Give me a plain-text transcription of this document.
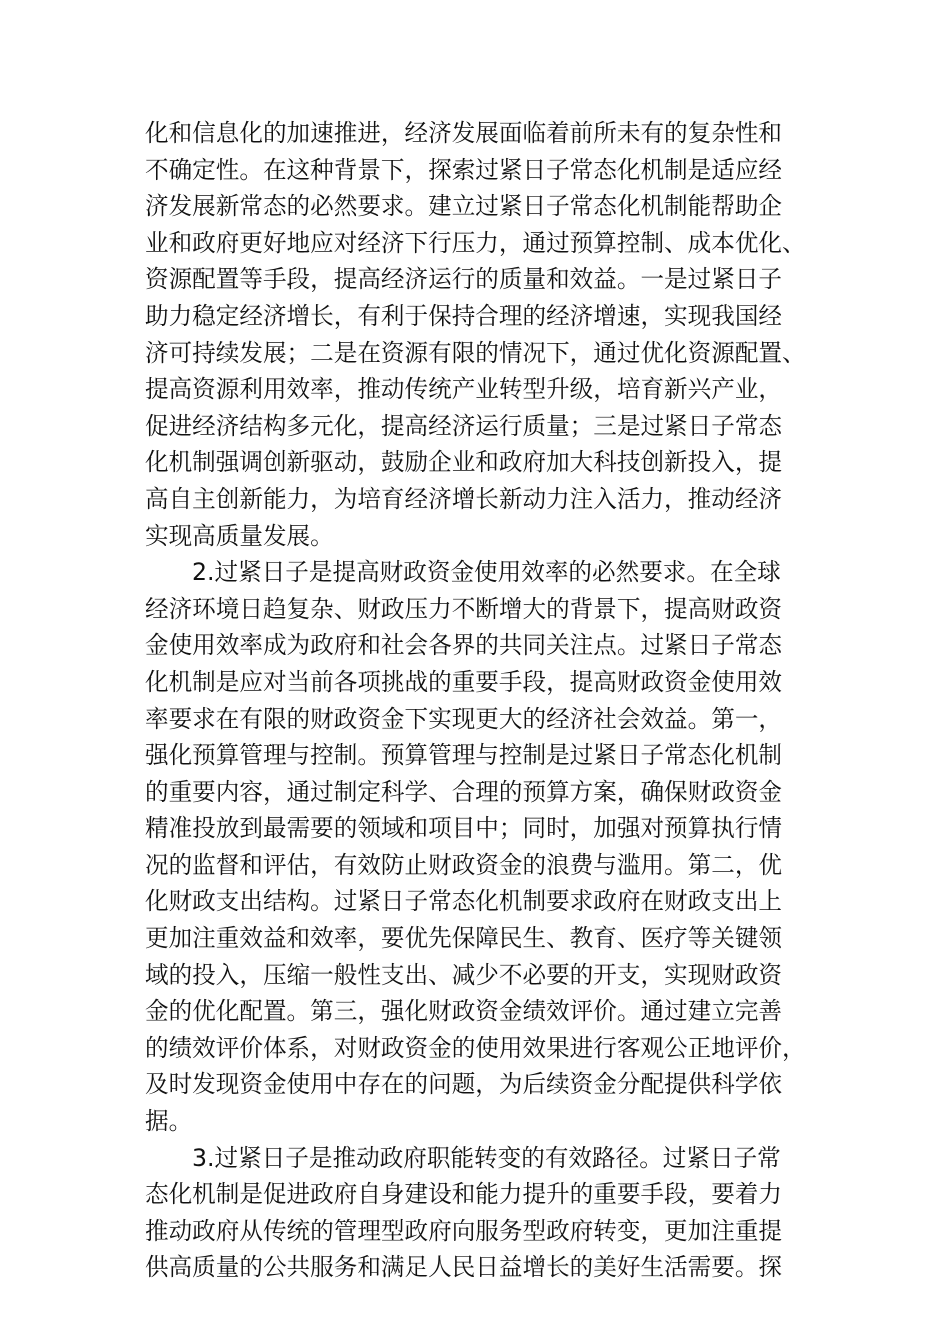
化和信息化的加速推进，经济发展面临着前所未有的复杂性和
不确定性。在这种背景下，探索过紧日子常态化机制是适应经
济发展新常态的必然要求。建立过紧日子常态化机制能帮助企
业和政府更好地应对经济下行压力，通过预算控制、成本优化、
资源配置等手段，提高经济运行的质量和效益。一是过紧日子
助力稳定经济增长，有利于保持合理的经济增速，实现我国经
济可持续发展；二是在资源有限的情况下，通过优化资源配置、
提高资源利用效率，推动传统产业转型升级，培育新兴产业，
促进经济结构多元化，提高经济运行质量；三是过紧日子常态
化机制强调创新驱动，鼓励企业和政府加大科技创新投入，提
高自主创新能力，为培育经济增长新动力注入活力，推动经济
实现高质量发展。
2.过紧日子是提高财政资金使用效率的必然要求。在全球
经济环境日趋复杂、财政压力不断增大的背景下，提高财政资
金使用效率成为政府和社会各界的共同关注点。过紧日子常态
化机制是应对当前各项挑战的重要手段，提高财政资金使用效
率要求在有限的财政资金下实现更大的经济社会效益。第一，
强化预算管理与控制。预算管理与控制是过紧日子常态化机制
的重要内容，通过制定科学、合理的预算方案，确保财政资金
精准投放到最需要的领域和项目中；同时，加强对预算执行情
况的监督和评估，有效防止财政资金的浪费与滥用。第二，优
化财政支出结构。过紧日子常态化机制要求政府在财政支出上
更加注重效益和效率，要优先保障民生、教育、医疗等关键领
域的投入，压缩一般性支出、减少不必要的开支，实现财政资
金的优化配置。第三，强化财政资金绩效评价。通过建立完善
的绩效评价体系，对财政资金的使用效果进行客观公正地评价，
及时发现资金使用中存在的问题，为后续资金分配提供科学依
据。
3.过紧日子是推动政府职能转变的有效路径。过紧日子常
态化机制是促进政府自身建设和能力提升的重要手段，要着力
推动政府从传统的管理型政府向服务型政府转变，更加注重提
供高质量的公共服务和满足人民日益增长的美好生活需要。探
